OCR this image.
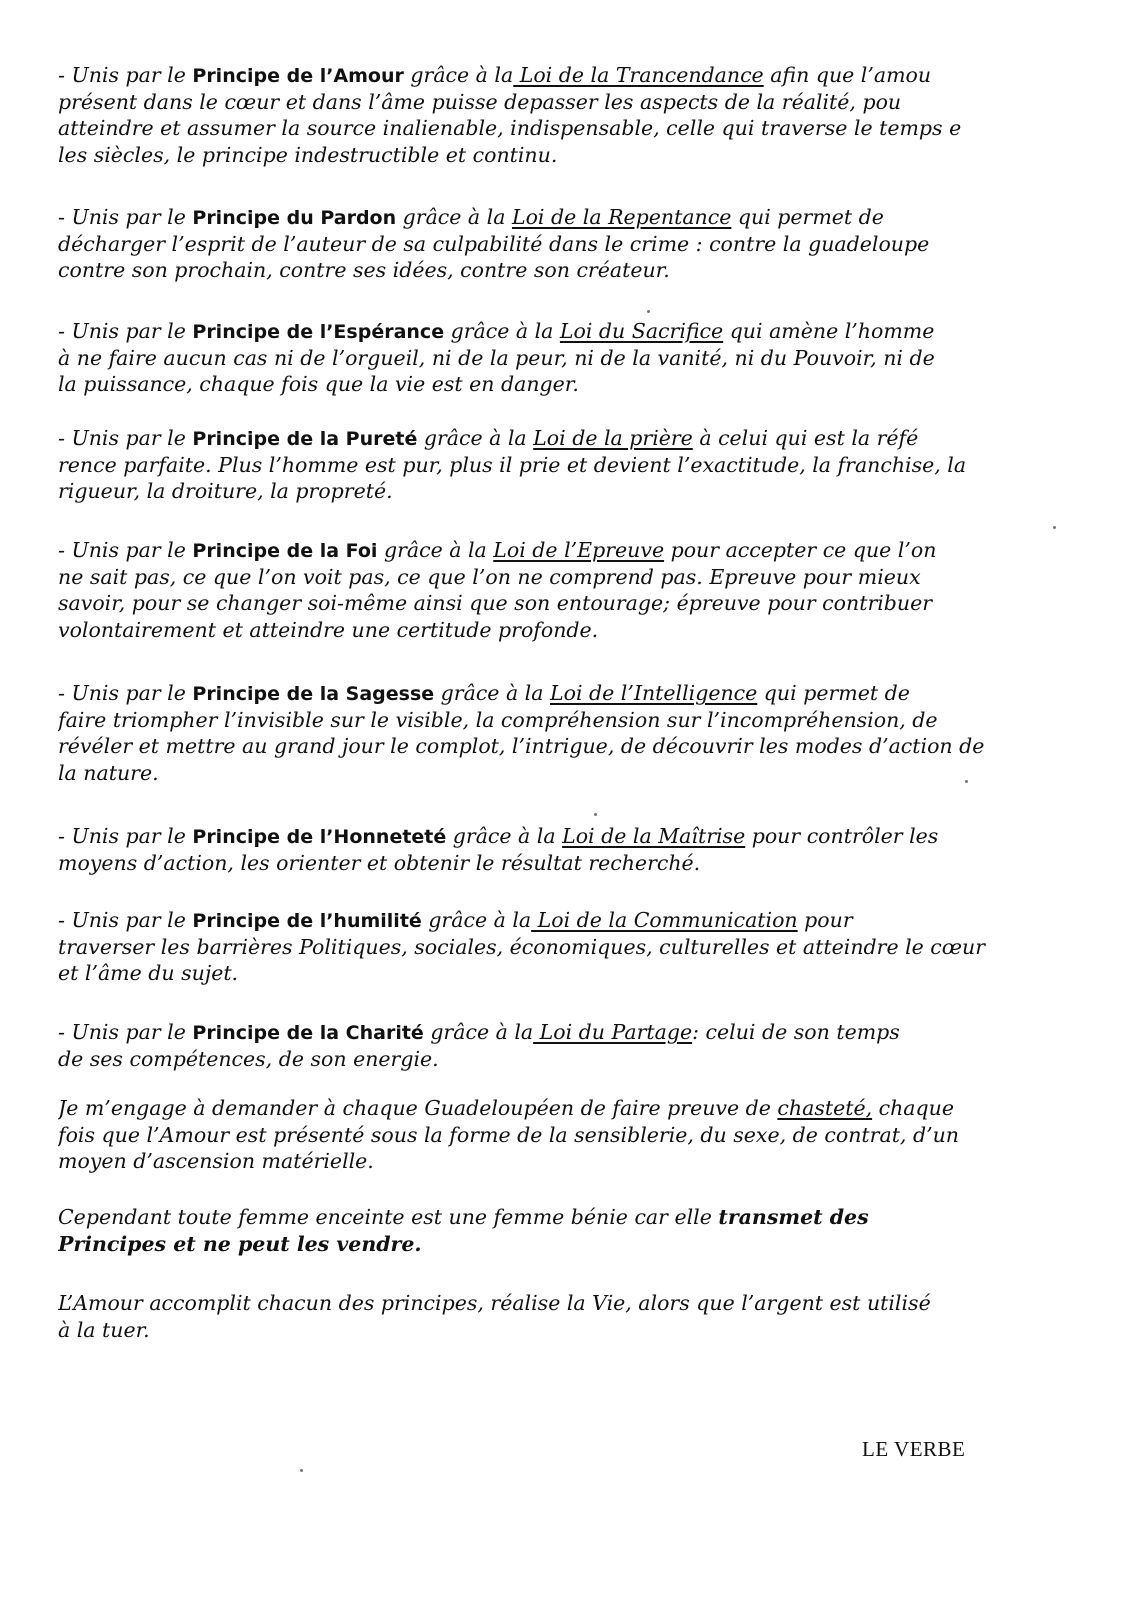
- Unis par le Principe de l’Amour grâce à la Loi de la Trancendance afin que l’amou
présent dans le cœur et dans l’âme puisse depasser les aspects de la réalité, pou
atteindre et assumer la source inalienable, indispensable, celle qui traverse le temps e
les siècles, le principe indestructible et continu.
- Unis par le Principe du Pardon grâce à la Loi de la Repentance qui permet de
décharger l’esprit de l’auteur de sa culpabilité dans le crime : contre la guadeloupe
contre son prochain, contre ses idées, contre son créateur.
- Unis par le Principe de l’Espérance grâce à la Loi du Sacrifice qui amène l’homme
à ne faire aucun cas ni de l’orgueil, ni de la peur, ni de la vanité, ni du Pouvoir, ni de
la puissance, chaque fois que la vie est en danger.
- Unis par le Principe de la Pureté grâce à la Loi de la prière à celui qui est la réfé
rence parfaite. Plus l’homme est pur, plus il prie et devient l’exactitude, la franchise, la
rigueur, la droiture, la propreté.
- Unis par le Principe de la Foi grâce à la Loi de l’Epreuve pour accepter ce que l’on
ne sait pas, ce que l’on voit pas, ce que l’on ne comprend pas. Epreuve pour mieux
savoir, pour se changer soi-même ainsi que son entourage; épreuve pour contribuer
volontairement et atteindre une certitude profonde.
- Unis par le Principe de la Sagesse grâce à la Loi de l’Intelligence qui permet de
faire triompher l’invisible sur le visible, la compréhension sur l’incompréhension, de
révéler et mettre au grand jour le complot, l’intrigue, de découvrir les modes d’action de
la nature.
- Unis par le Principe de l’Honneteté grâce à la Loi de la Maîtrise pour contrôler les
moyens d’action, les orienter et obtenir le résultat recherché.
- Unis par le Principe de l’humilité grâce à la Loi de la Communication pour
traverser les barrières Politiques, sociales, économiques, culturelles et atteindre le cœur
et l’âme du sujet.
- Unis par le Principe de la Charité grâce à la Loi du Partage: celui de son temps
de ses compétences, de son energie.
Je m’engage à demander à chaque Guadeloupéen de faire preuve de chasteté, chaque
fois que l’Amour est présenté sous la forme de la sensiblerie, du sexe, de contrat, d’un
moyen d’ascension matérielle.
Cependant toute femme enceinte est une femme bénie car elle transmet des
Principes et ne peut les vendre.
L’Amour accomplit chacun des principes, réalise la Vie, alors que l’argent est utilisé
à la tuer.
LE VERBE
